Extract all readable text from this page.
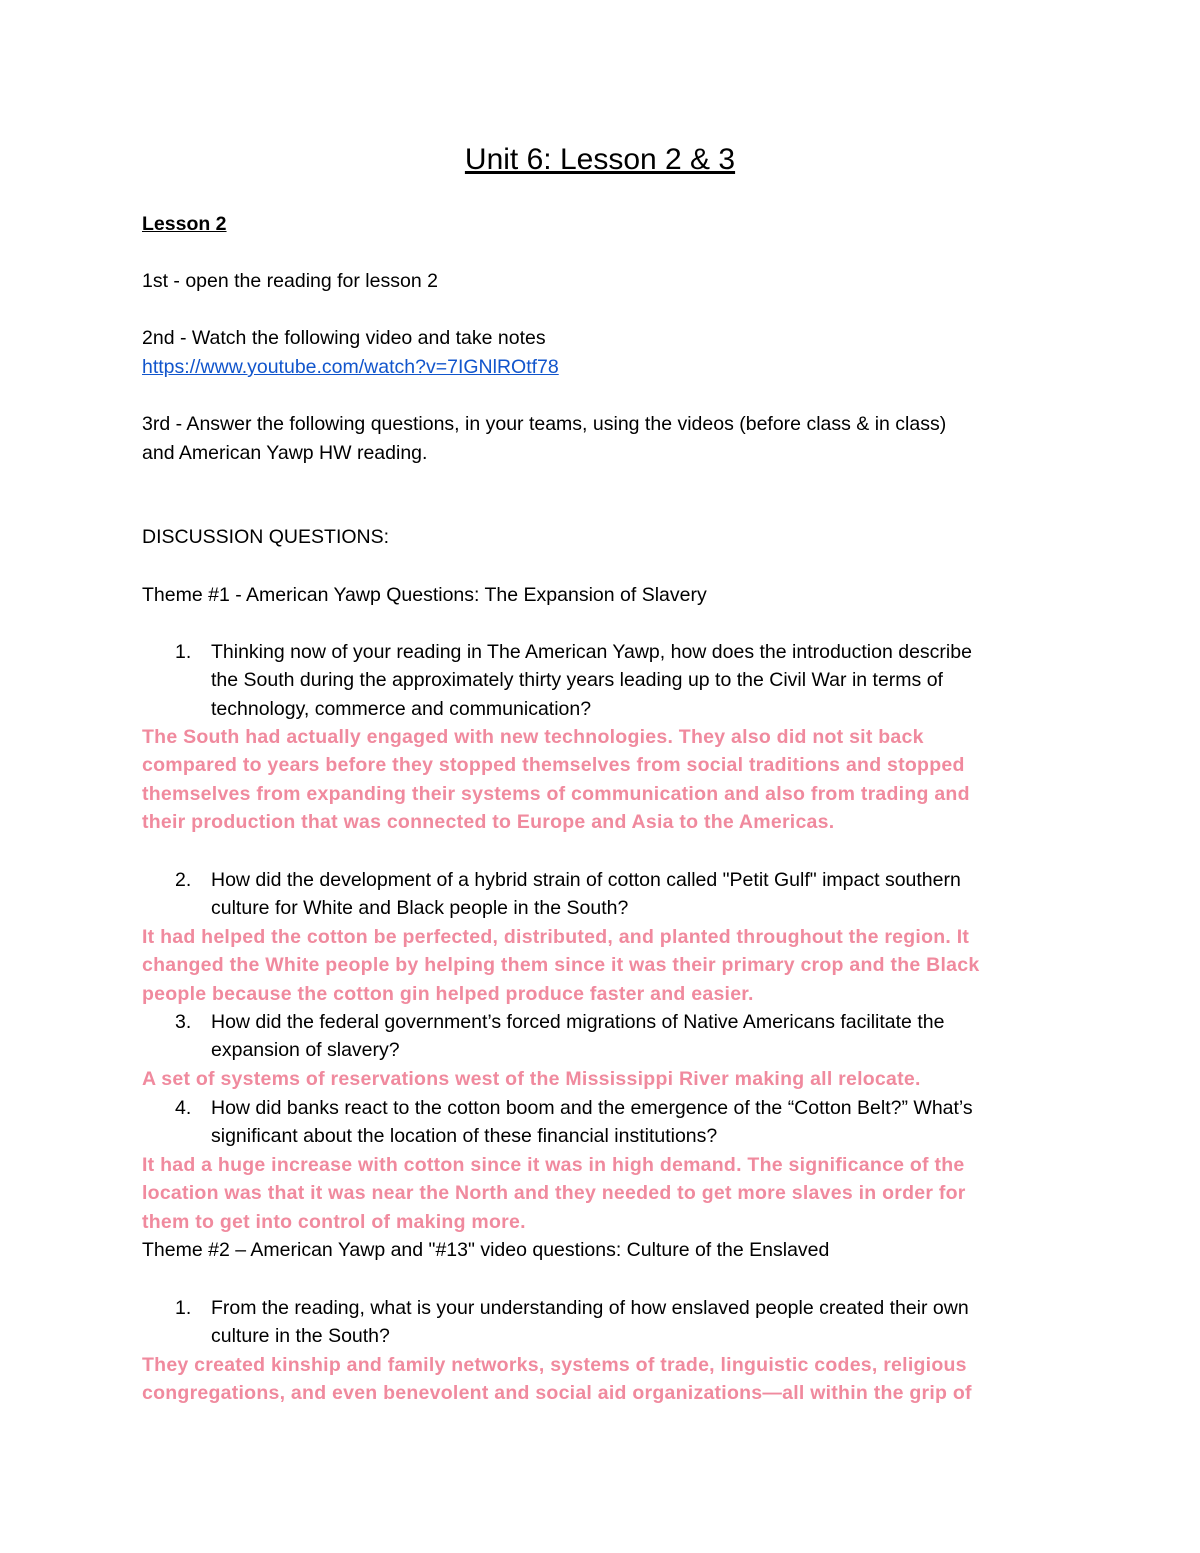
Unit 6: Lesson 2 & 3
Lesson 2
1st - open the reading for lesson 2
2nd - Watch the following video and take notes
https://www.youtube.com/watch?v=7IGNlROtf78
3rd - Answer the following questions, in your teams, using the videos (before class & in class)
and American Yawp HW reading.
DISCUSSION QUESTIONS:
Theme #1 - American Yawp Questions: The Expansion of Slavery
1. Thinking now of your reading in The American Yawp, how does the introduction describe
the South during the approximately thirty years leading up to the Civil War in terms of
technology, commerce and communication?
The South had actually engaged with new technologies. They also did not sit back
compared to years before they stopped themselves from social traditions and stopped
themselves from expanding their systems of communication and also from trading and
their production that was connected to Europe and Asia to the Americas.
2. How did the development of a hybrid strain of cotton called "Petit Gulf" impact southern
culture for White and Black people in the South?
It had helped the cotton be perfected, distributed, and planted throughout the region. It
changed the White people by helping them since it was their primary crop and the Black
people because the cotton gin helped produce faster and easier.
3. How did the federal government’s forced migrations of Native Americans facilitate the
expansion of slavery?
A set of systems of reservations west of the Mississippi River making all relocate.
4. How did banks react to the cotton boom and the emergence of the “Cotton Belt?” What’s
significant about the location of these financial institutions?
It had a huge increase with cotton since it was in high demand. The significance of the
location was that it was near the North and they needed to get more slaves in order for
them to get into control of making more.
Theme #2 – American Yawp and "#13" video questions: Culture of the Enslaved
1. From the reading, what is your understanding of how enslaved people created their own
culture in the South?
They created kinship and family networks, systems of trade, linguistic codes, religious
congregations, and even benevolent and social aid organizations—all within the grip of
